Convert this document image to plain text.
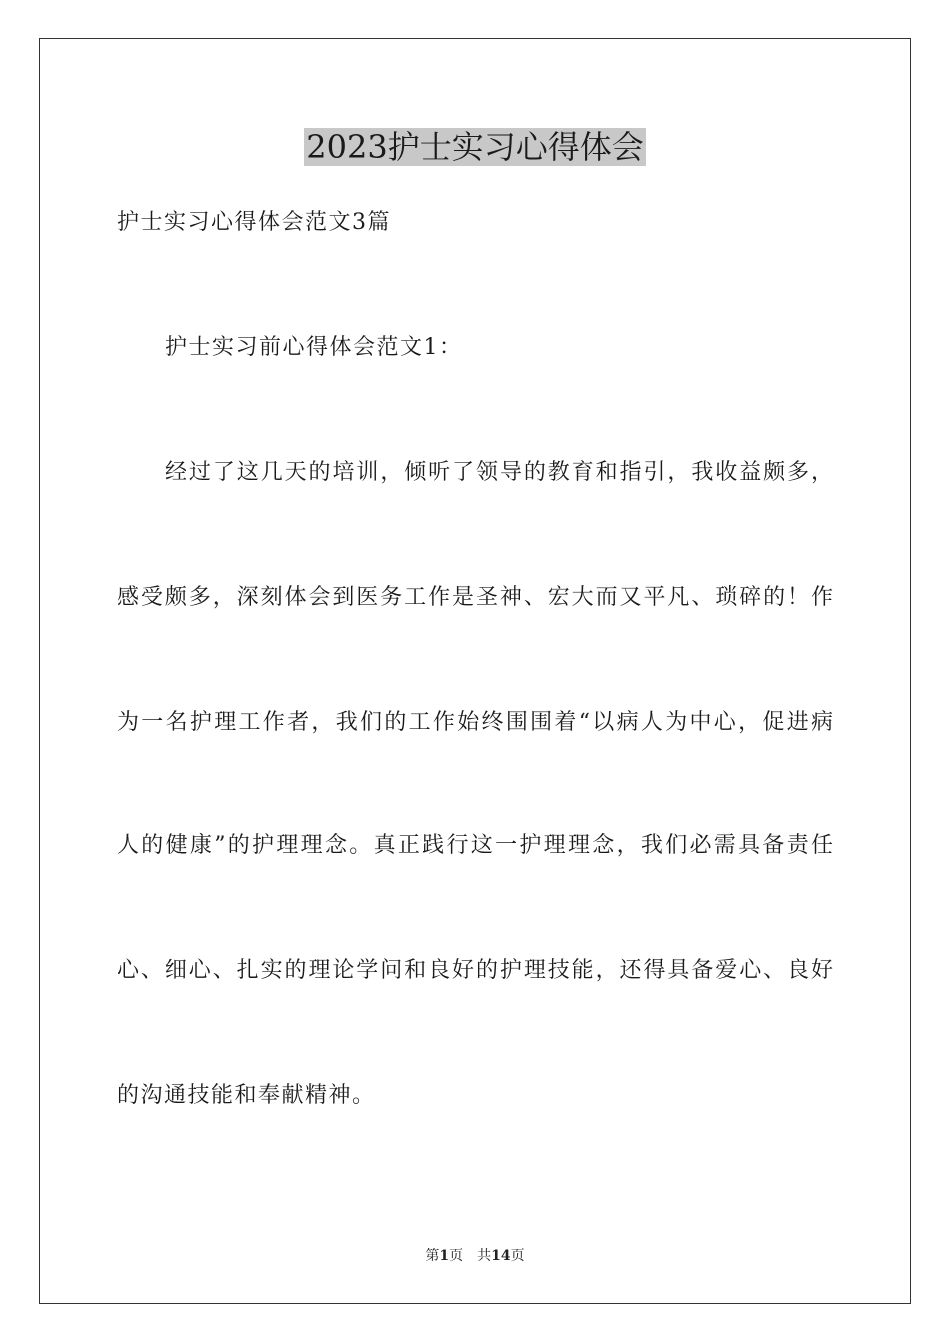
2023护士实习心得体会

护士实习心得体会范文3篇

护士实习前心得体会范文1：

经过了这几天的培训，倾听了领导的教育和指引，我收益颇多，

感受颇多，深刻体会到医务工作是圣神、宏大而又平凡、琐碎的！作

为一名护理工作者，我们的工作始终围围着“以病人为中心，促进病

人的健康”的护理理念。真正践行这一护理理念，我们必需具备责任

心、细心、扎实的理论学问和良好的护理技能，还得具备爱心、良好

的沟通技能和奉献精神。

第1页　共14页
